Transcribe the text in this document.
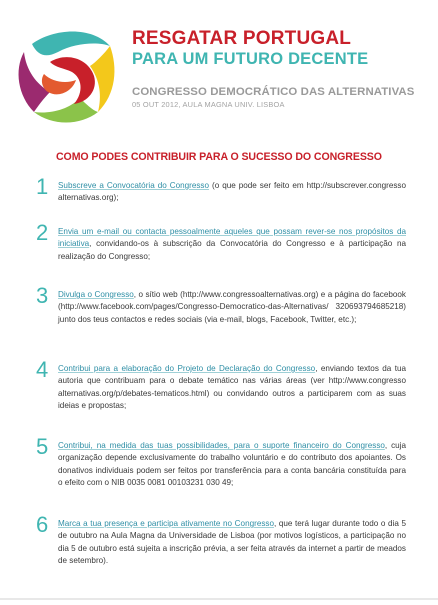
RESGATAR PORTUGAL
PARA UM FUTURO DECENTE
CONGRESSO DEMOCRÁTICO DAS ALTERNATIVAS
05 OUT 2012, AULA MAGNA UNIV. LISBOA
COMO PODES CONTRIBUIR PARA O SUCESSO DO CONGRESSO
1	Subscreve a Convocatória do Congresso (o que pode ser feito em http://subscrever.congresso alternativas.org);
2	Envia um e-mail ou contacta pessoalmente aqueles que possam rever-se nos propósitos da iniciativa, convidando-os à subscrição da Convocatória do Congresso e à participação na realização do Congresso;
3	Divulga o Congresso, o sítio web (http://www.congressoalternativas.org) e a página do facebook (http://www.facebook.com/pages/Congresso-Democratico-das-Alternativas/ 320693794685218) junto dos teus contactos e redes sociais (via e-mail, blogs, Facebook, Twitter, etc.);
4	Contribui para a elaboração do Projeto de Declaração do Congresso, enviando textos da tua autoria que contribuam para o debate temático nas várias áreas (ver http://www.congresso alternativas.org/p/debates-tematicos.html) ou convidando outros a participarem com as suas ideias e propostas;
5	Contribui, na medida das tuas possibilidades, para o suporte financeiro do Congresso, cuja organização depende exclusivamente do trabalho voluntário e do contributo dos apoiantes. Os donativos individuais podem ser feitos por transferência para a conta bancária constituída para o efeito com o NIB 0035 0081 00103231 030 49;
6	Marca a tua presença e participa ativamente no Congresso, que terá lugar durante todo o dia 5 de outubro na Aula Magna da Universidade de Lisboa (por motivos logísticos, a participação no dia 5 de outubro está sujeita a inscrição prévia, a ser feita através da internet a partir de meados de setembro).
